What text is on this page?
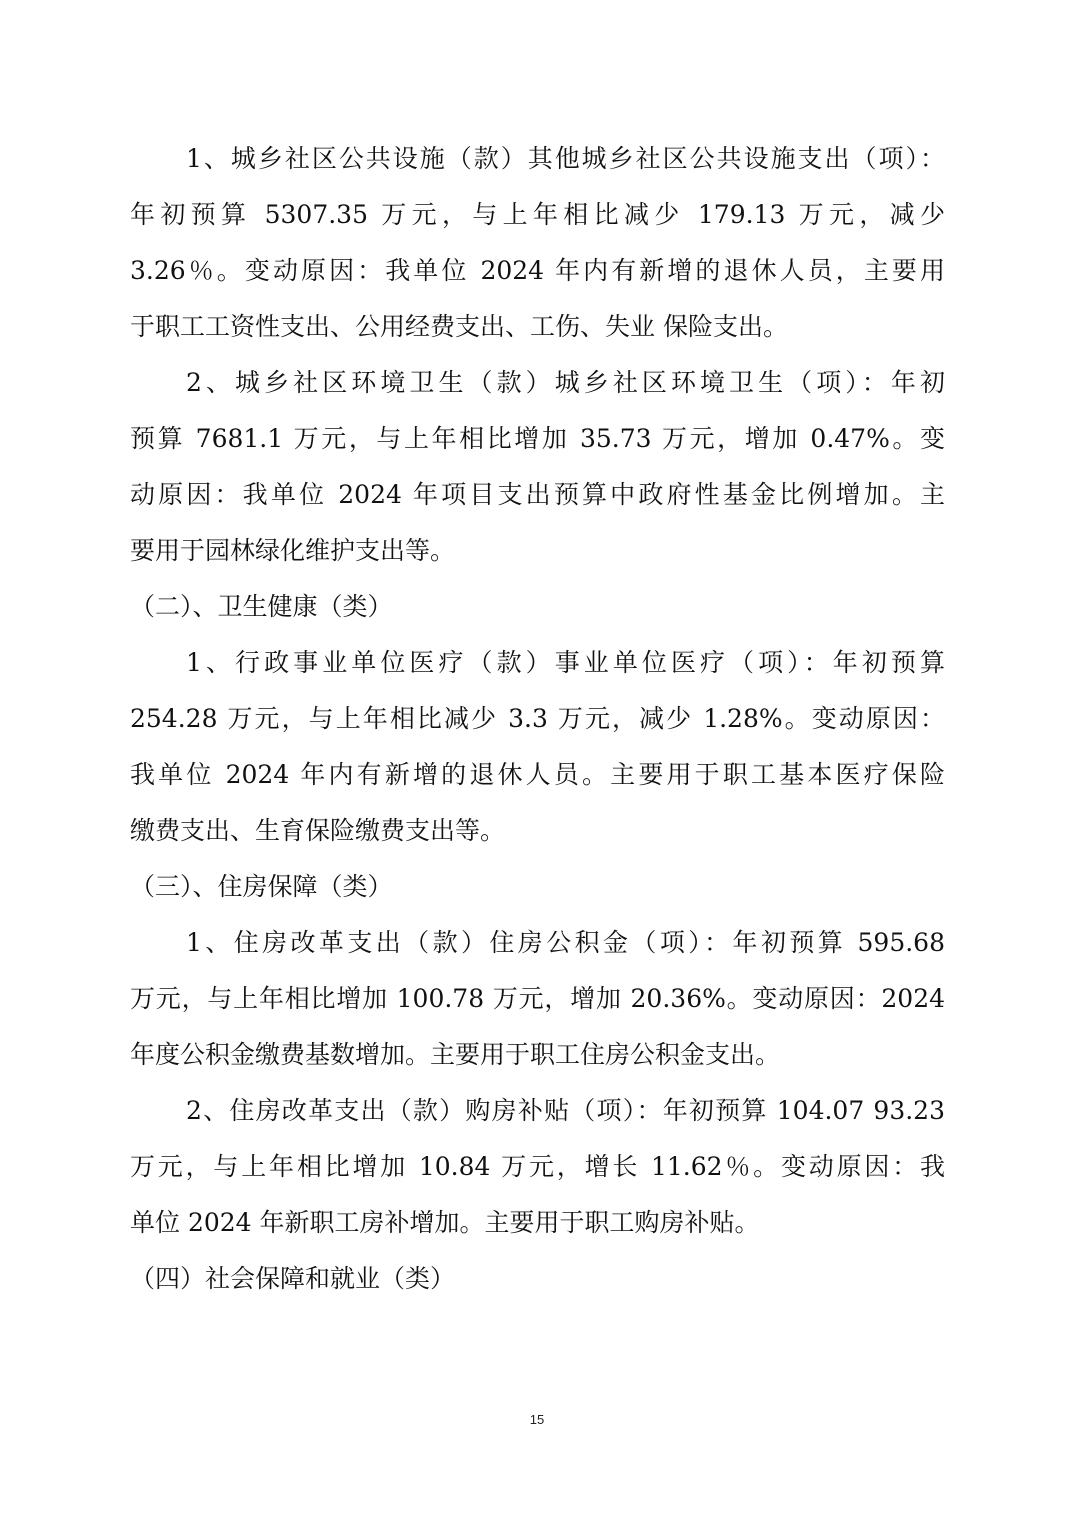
1、城乡社区公共设施（款）其他城乡社区公共设施支出（项）：
年初预算 5307.35 万元，与上年相比减少 179.13 万元，减少
3.26％。变动原因：我单位 2024 年内有新增的退休人员，主要用
于职工工资性支出、公用经费支出、工伤、失业 保险支出。
2、城乡社区环境卫生（款）城乡社区环境卫生（项）：年初
预算 7681.1 万元，与上年相比增加 35.73 万元，增加 0.47%。变
动原因：我单位 2024 年项目支出预算中政府性基金比例增加。主
要用于园林绿化维护支出等。
（二）、卫生健康（类）
1、行政事业单位医疗（款）事业单位医疗（项）：年初预算
254.28 万元，与上年相比减少 3.3 万元，减少 1.28%。变动原因：
我单位 2024 年内有新增的退休人员。主要用于职工基本医疗保险
缴费支出、生育保险缴费支出等。
（三）、住房保障（类）
1、住房改革支出（款）住房公积金（项）：年初预算 595.68
万元，与上年相比增加 100.78 万元，增加 20.36%。变动原因：2024
年度公积金缴费基数增加。主要用于职工住房公积金支出。
2、住房改革支出（款）购房补贴（项）：年初预算 104.07 93.23
万元，与上年相比增加 10.84 万元，增长 11.62％。变动原因：我
单位 2024 年新职工房补增加。主要用于职工购房补贴。
（四）社会保障和就业（类）
15
